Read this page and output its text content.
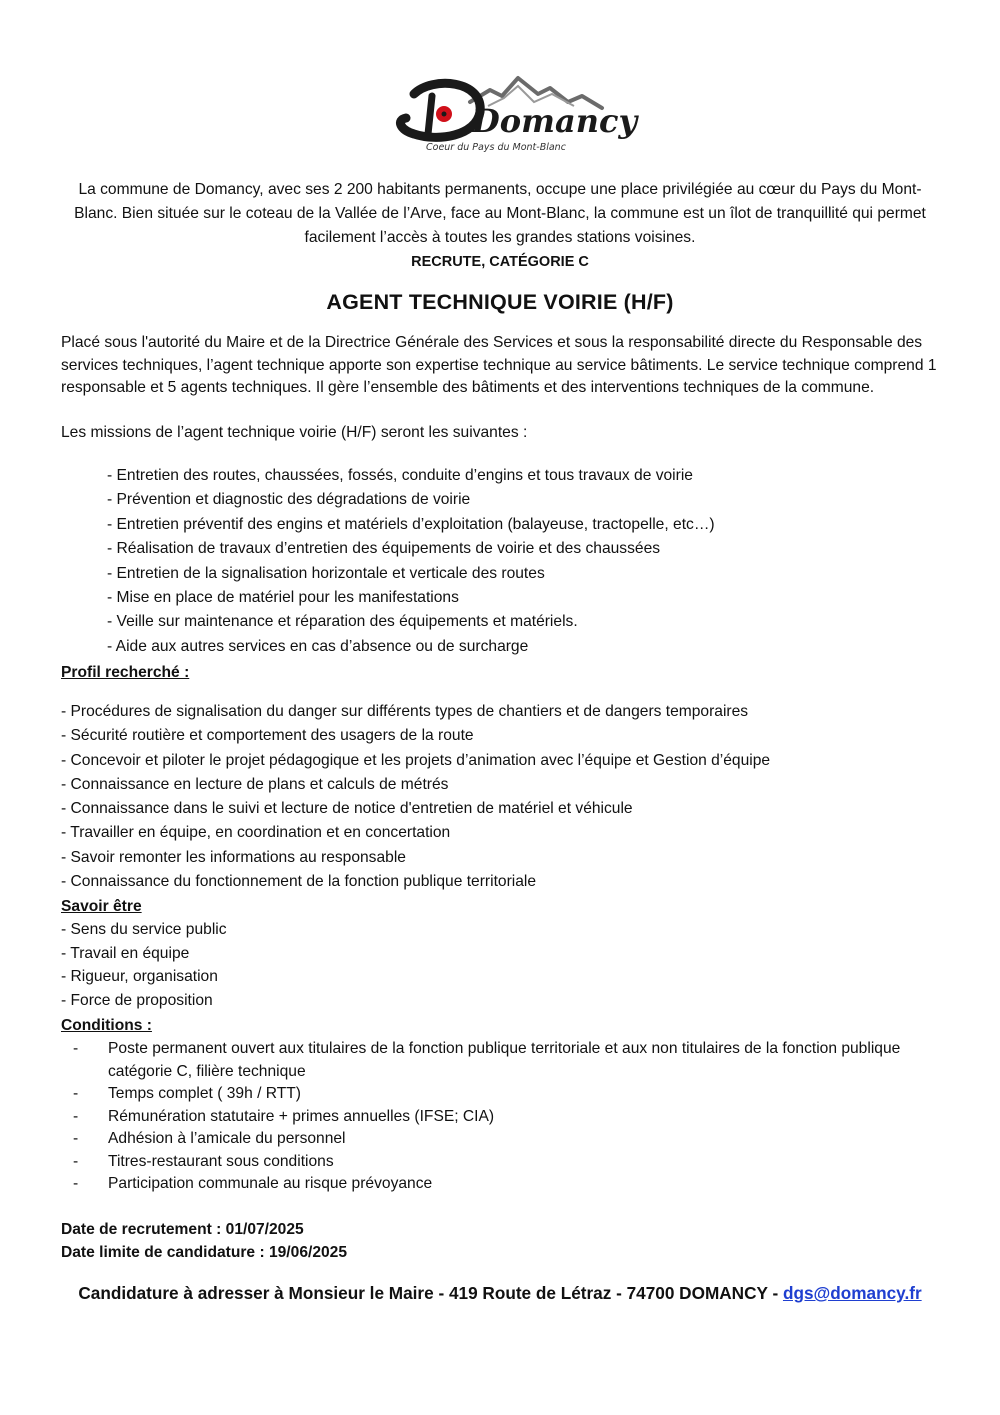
Domancy
Coeur du Pays du Mont-Blanc
La commune de Domancy, avec ses 2 200 habitants permanents, occupe une place privilégiée au cœur du Pays du Mont-Blanc. Bien située sur le coteau de la Vallée de l’Arve, face au Mont-Blanc, la commune est un îlot de tranquillité qui permet facilement l’accès à toutes les grandes stations voisines.
RECRUTE, CATÉGORIE C
AGENT TECHNIQUE VOIRIE (H/F)
Placé sous l'autorité du Maire et de la Directrice Générale des Services et sous la responsabilité directe du Responsable des services techniques, l’agent technique apporte son expertise technique au service bâtiments. Le service technique comprend 1 responsable et 5 agents techniques. Il gère l’ensemble des bâtiments et des interventions techniques de la commune.
Les missions de l’agent technique voirie (H/F) seront les suivantes :
- Entretien des routes, chaussées, fossés, conduite d’engins et tous travaux de voirie
- Prévention et diagnostic des dégradations de voirie
- Entretien préventif des engins et matériels d’exploitation (balayeuse, tractopelle, etc…)
- Réalisation de travaux d’entretien des équipements de voirie et des chaussées
- Entretien de la signalisation horizontale et verticale des routes
- Mise en place de matériel pour les manifestations
- Veille sur maintenance et réparation des équipements et matériels.
- Aide aux autres services en cas d’absence ou de surcharge
Profil recherché :
- Procédures de signalisation du danger sur différents types de chantiers et de dangers temporaires
- Sécurité routière et comportement des usagers de la route
- Concevoir et piloter le projet pédagogique et les projets d’animation avec l’équipe et Gestion d’équipe
- Connaissance en lecture de plans et calculs de métrés
- Connaissance dans le suivi et lecture de notice d'entretien de matériel et véhicule
- Travailler en équipe, en coordination et en concertation
- Savoir remonter les informations au responsable
- Connaissance du fonctionnement de la fonction publique territoriale
Savoir être
- Sens du service public
- Travail en équipe
- Rigueur, organisation
- Force de proposition
Conditions :
- Poste permanent ouvert aux titulaires de la fonction publique territoriale et aux non titulaires de la fonction publique catégorie C, filière technique
- Temps complet ( 39h / RTT)
- Rémunération statutaire + primes annuelles (IFSE; CIA)
- Adhésion à l’amicale du personnel
- Titres-restaurant sous conditions
- Participation communale au risque prévoyance
Date de recrutement : 01/07/2025
Date limite de candidature : 19/06/2025
Candidature à adresser à Monsieur le Maire - 419 Route de Létraz - 74700 DOMANCY - dgs@domancy.fr
